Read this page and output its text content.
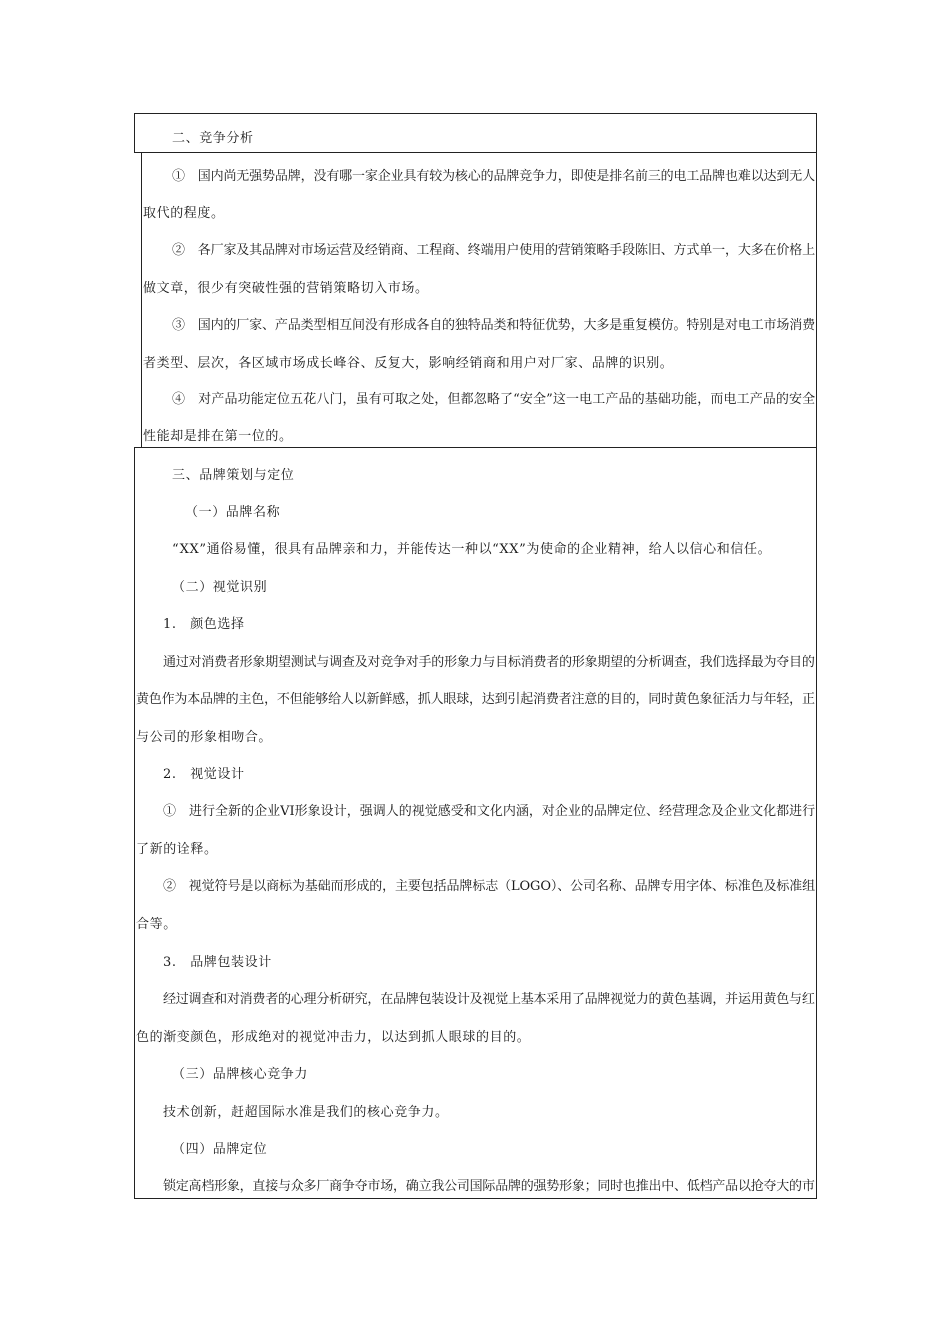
二、竞争分析
①　国内尚无强势品牌，没有哪一家企业具有较为核心的品牌竞争力，即使是排名前三的电工品牌也难以达到无人
取代的程度。
②　各厂家及其品牌对市场运营及经销商、工程商、终端用户使用的营销策略手段陈旧、方式单一，大多在价格上
做文章，很少有突破性强的营销策略切入市场。
③　国内的厂家、产品类型相互间没有形成各自的独特品类和特征优势，大多是重复模仿。特别是对电工市场消费
者类型、层次，各区域市场成长峰谷、反复大，影响经销商和用户对厂家、品牌的识别。
④　对产品功能定位五花八门，虽有可取之处，但都忽略了“安全”这一电工产品的基础功能，而电工产品的安全
性能却是排在第一位的。
三、品牌策划与定位
（一）品牌名称
“XX”通俗易懂，很具有品牌亲和力，并能传达一种以“XX”为使命的企业精神，给人以信心和信任。
（二）视觉识别
1.　颜色选择
通过对消费者形象期望测试与调查及对竞争对手的形象力与目标消费者的形象期望的分析调查，我们选择最为夺目的
黄色作为本品牌的主色，不但能够给人以新鲜感，抓人眼球，达到引起消费者注意的目的，同时黄色象征活力与年轻，正
与公司的形象相吻合。
2.　视觉设计
①　进行全新的企业VI形象设计，强调人的视觉感受和文化内涵，对企业的品牌定位、经营理念及企业文化都进行
了新的诠释。
②　视觉符号是以商标为基础而形成的，主要包括品牌标志（LOGO）、公司名称、品牌专用字体、标准色及标准组
合等。
3.　品牌包装设计
经过调查和对消费者的心理分析研究，在品牌包装设计及视觉上基本采用了品牌视觉力的黄色基调，并运用黄色与红
色的渐变颜色，形成绝对的视觉冲击力，以达到抓人眼球的目的。
（三）品牌核心竞争力
技术创新，赶超国际水准是我们的核心竞争力。
（四）品牌定位
锁定高档形象，直接与众多厂商争夺市场，确立我公司国际品牌的强势形象；同时也推出中、低档产品以抢夺大的市
